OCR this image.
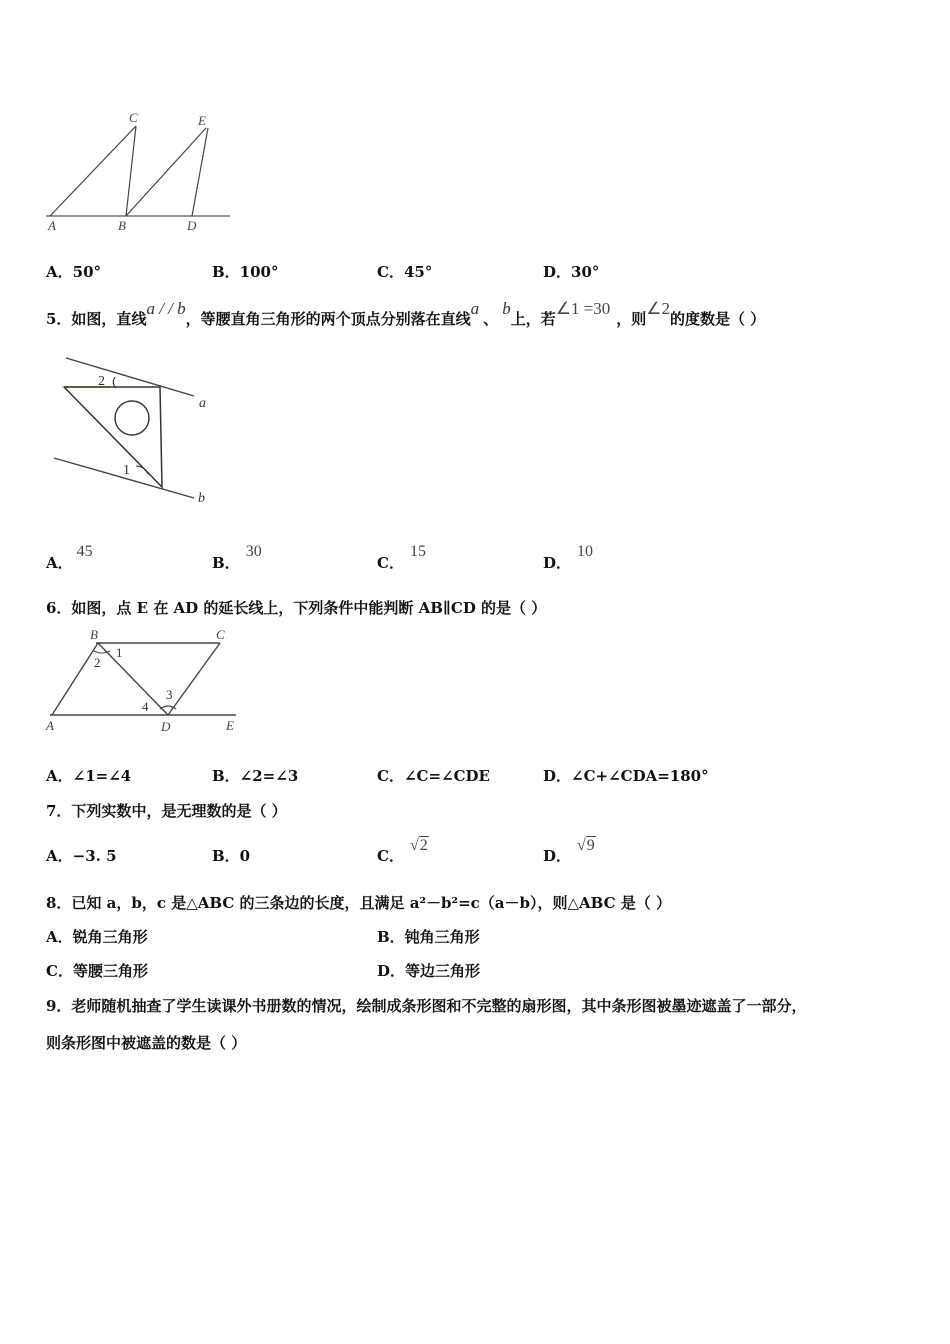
C	E
A	B	D
A．50°	B．100°	C．45°	D．30°
5．如图，直线a / / b，等腰直角三角形的两个顶点分别落在直线a、b上，若∠1 =30，则∠2的度数是（ ）
2
1
a
b
A．45
B．30
C．15
D．10
6．如图，点 E 在 AD 的延长线上，下列条件中能判断 AB∥CD 的是（ ）
B	C
1
2
3
4
A	D	E
A．∠1=∠4	B．∠2=∠3	C．∠C=∠CDE	D．∠C+∠CDA=180°
7．下列实数中，是无理数的是（ ）
A．−3. 5	B．0	C．√2
D．√9
8．已知 a，b，c 是△ABC 的三条边的长度，且满足 a²－b²=c（a－b），则△ABC 是（ ）
A．锐角三角形	B．钝角三角形
C．等腰三角形	D．等边三角形
9．老师随机抽查了学生读课外书册数的情况，绘制成条形图和不完整的扇形图，其中条形图被墨迹遮盖了一部分，
则条形图中被遮盖的数是（ ）
